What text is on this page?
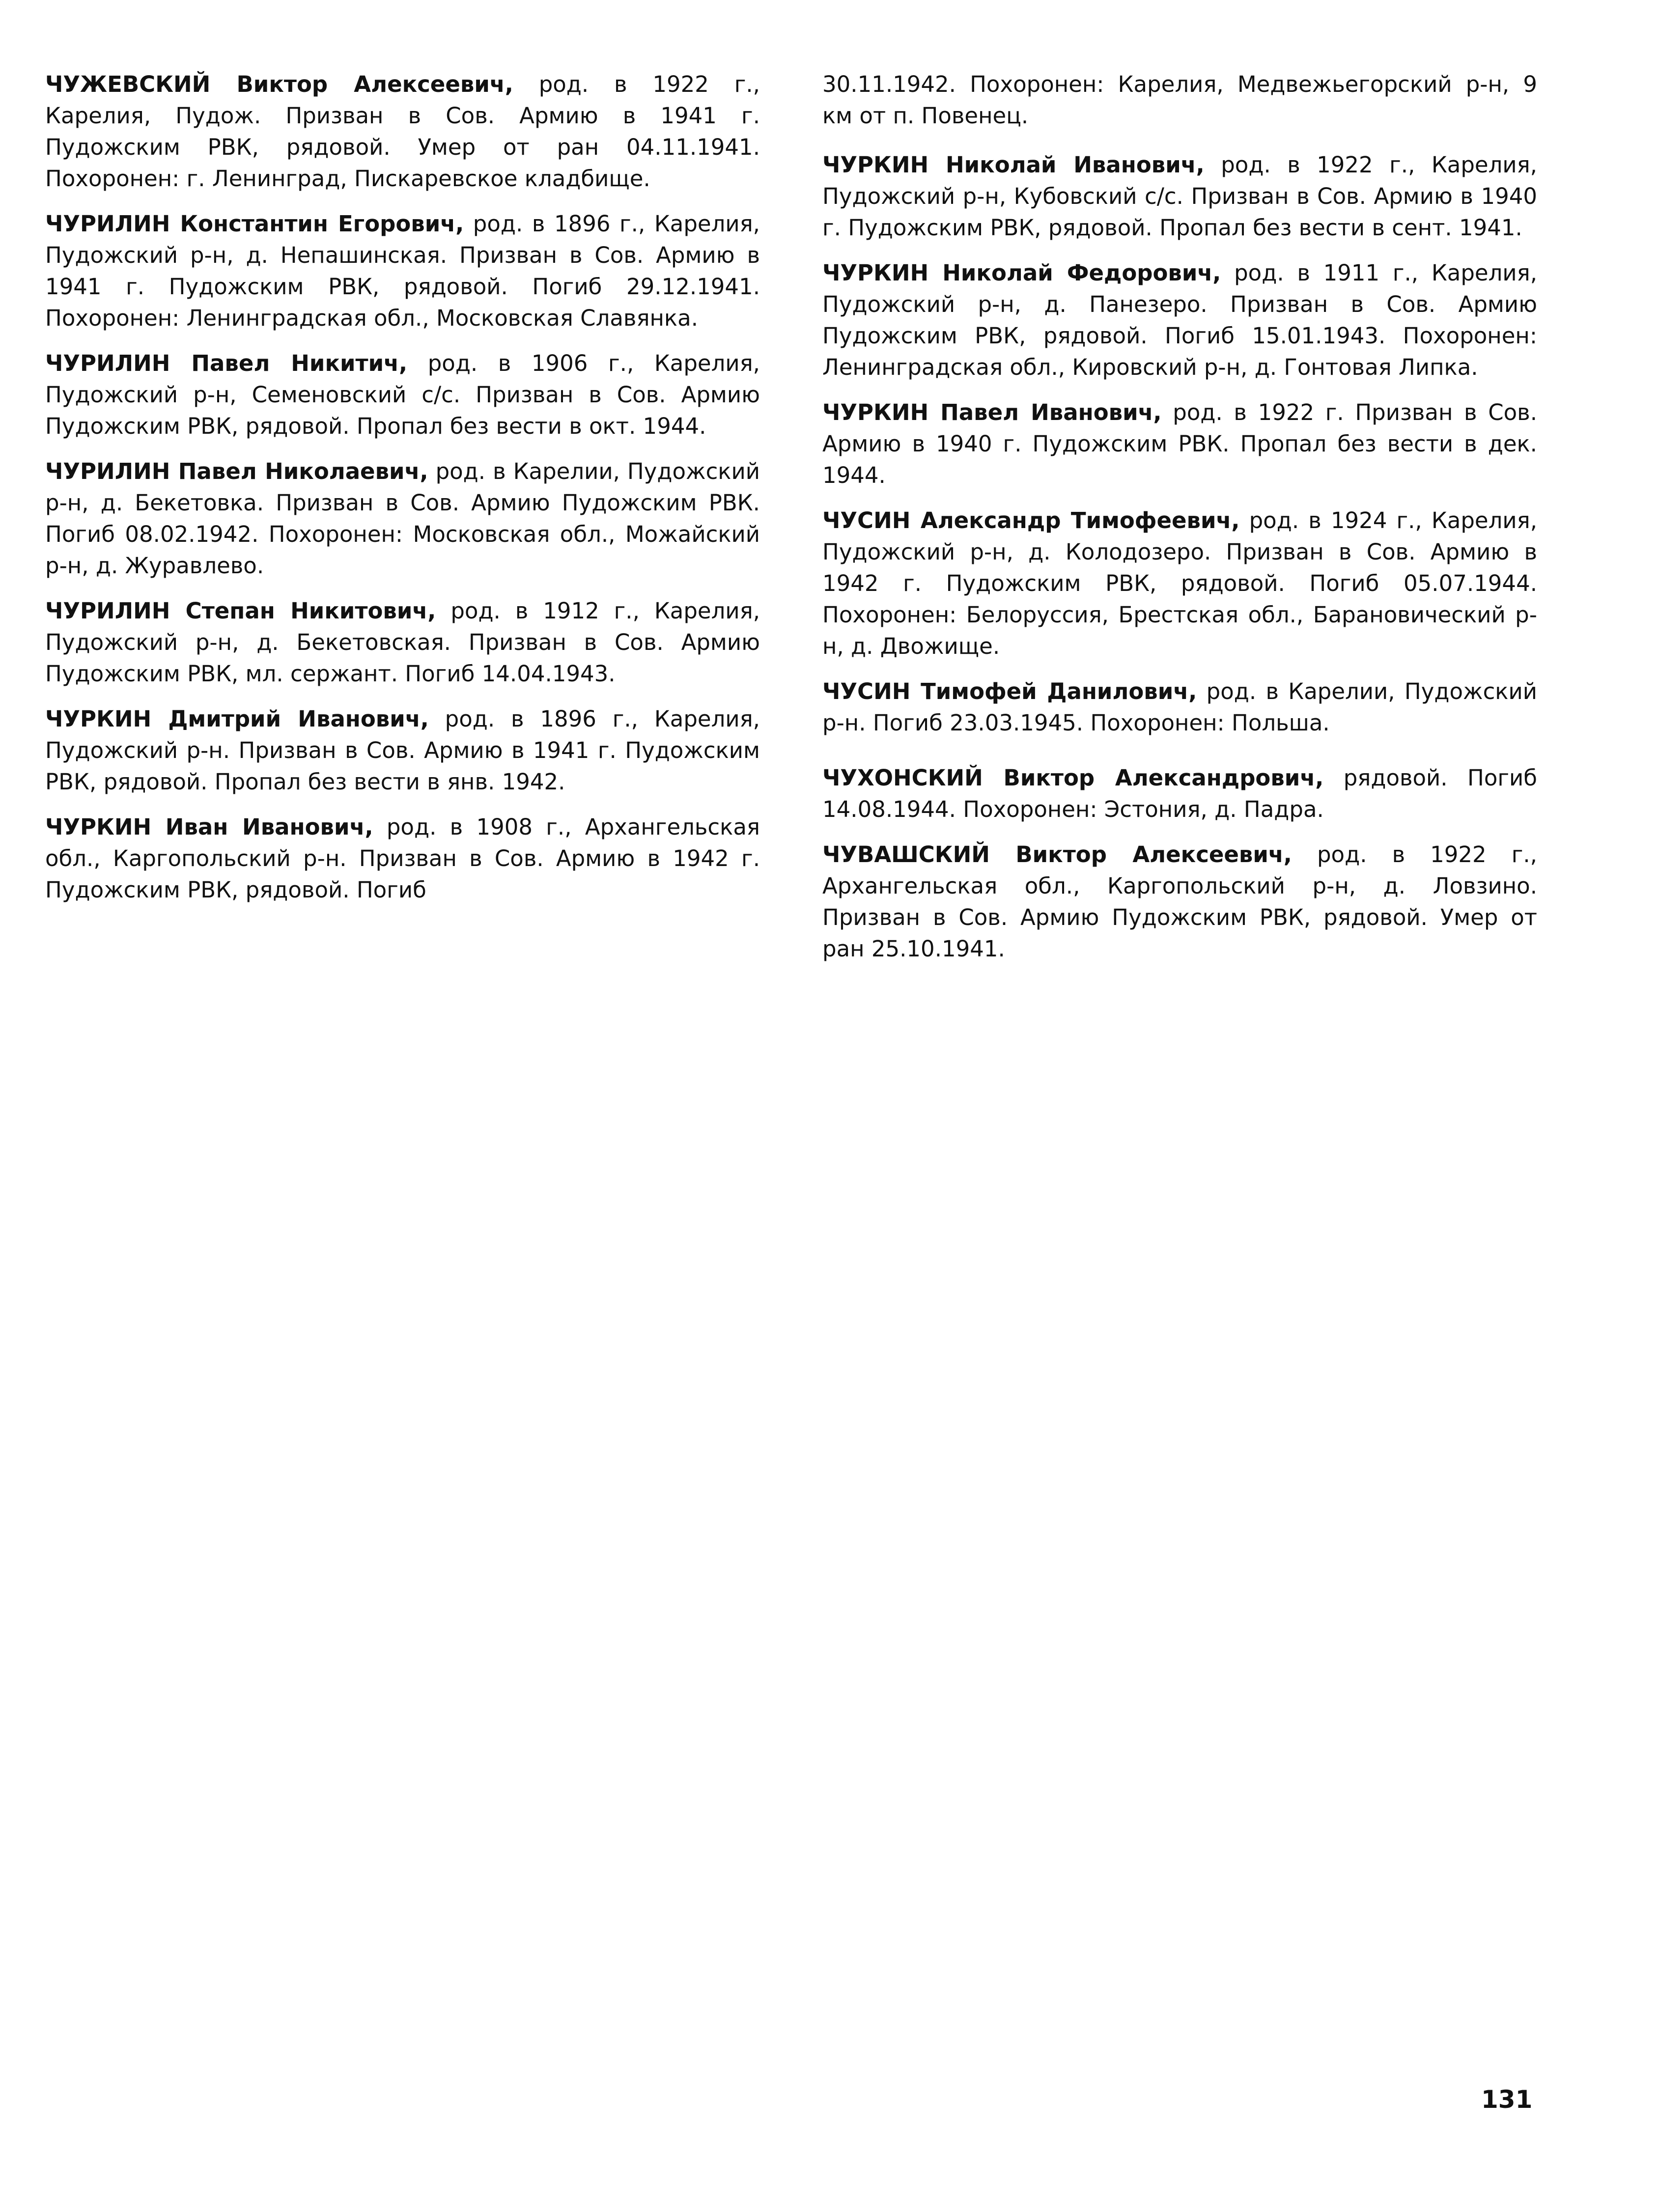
ЧУЖЕВСКИЙ Виктор Алексеевич, род. в 1922 г., Карелия, Пудож. Призван в Сов. Армию в 1941 г. Пудожским РВК, рядовой. Умер от ран 04.11.1941. Похоронен: г. Ленинград, Пискаревское кладбище.

ЧУРИЛИН Константин Егорович, род. в 1896 г., Карелия, Пудожский р-н, д. Непашинская. Призван в Сов. Армию в 1941 г. Пудожским РВК, рядовой. Погиб 29.12.1941. Похоронен: Ленинградская обл., Московская Славянка.

ЧУРИЛИН Павел Никитич, род. в 1906 г., Карелия, Пудожский р-н, Семеновский с/с. Призван в Сов. Армию Пудожским РВК, рядовой. Пропал без вести в окт. 1944.

ЧУРИЛИН Павел Николаевич, род. в Карелии, Пудожский р-н, д. Бекетовка. Призван в Сов. Армию Пудожским РВК. Погиб 08.02.1942. Похоронен: Московская обл., Можайский р-н, д. Журавлево.

ЧУРИЛИН Степан Никитович, род. в 1912 г., Карелия, Пудожский р-н, д. Бекетовская. Призван в Сов. Армию Пудожским РВК, мл. сержант. Погиб 14.04.1943.

ЧУРКИН Дмитрий Иванович, род. в 1896 г., Карелия, Пудожский р-н. Призван в Сов. Армию в 1941 г. Пудожским РВК, рядовой. Пропал без вести в янв. 1942.

ЧУРКИН Иван Иванович, род. в 1908 г., Архангельская обл., Каргопольский р-н. Призван в Сов. Армию в 1942 г. Пудожским РВК, рядовой. Погиб

30.11.1942. Похоронен: Карелия, Медвежьегорский р-н, 9 км от п. Повенец.

ЧУРКИН Николай Иванович, род. в 1922 г., Карелия, Пудожский р-н, Кубовский с/с. Призван в Сов. Армию в 1940 г. Пудожским РВК, рядовой. Пропал без вести в сент. 1941.

ЧУРКИН Николай Федорович, род. в 1911 г., Карелия, Пудожский р-н, д. Панезеро. Призван в Сов. Армию Пудожским РВК, рядовой. Погиб 15.01.1943. Похоронен: Ленинградская обл., Кировский р-н, д. Гонтовая Липка.

ЧУРКИН Павел Иванович, род. в 1922 г. Призван в Сов. Армию в 1940 г. Пудожским РВК. Пропал без вести в дек. 1944.

ЧУСИН Александр Тимофеевич, род. в 1924 г., Карелия, Пудожский р-н, д. Колодозеро. Призван в Сов. Армию в 1942 г. Пудожским РВК, рядовой. Погиб 05.07.1944. Похоронен: Белоруссия, Брестская обл., Барановичеcкий р-н, д. Двожище.

ЧУСИН Тимофей Данилович, род. в Карелии, Пудожский р-н. Погиб 23.03.1945. Похоронен: Польша.

ЧУХОНСКИЙ Виктор Александрович, рядовой. Погиб 14.08.1944. Похоронен: Эстония, д. Падра.

ЧУВАШСКИЙ Виктор Алексеевич, род. в 1922 г., Архангельская обл., Каргопольский р-н, д. Ловзино. Призван в Сов. Армию Пудожским РВК, рядовой. Умер от ран 25.10.1941.

131
